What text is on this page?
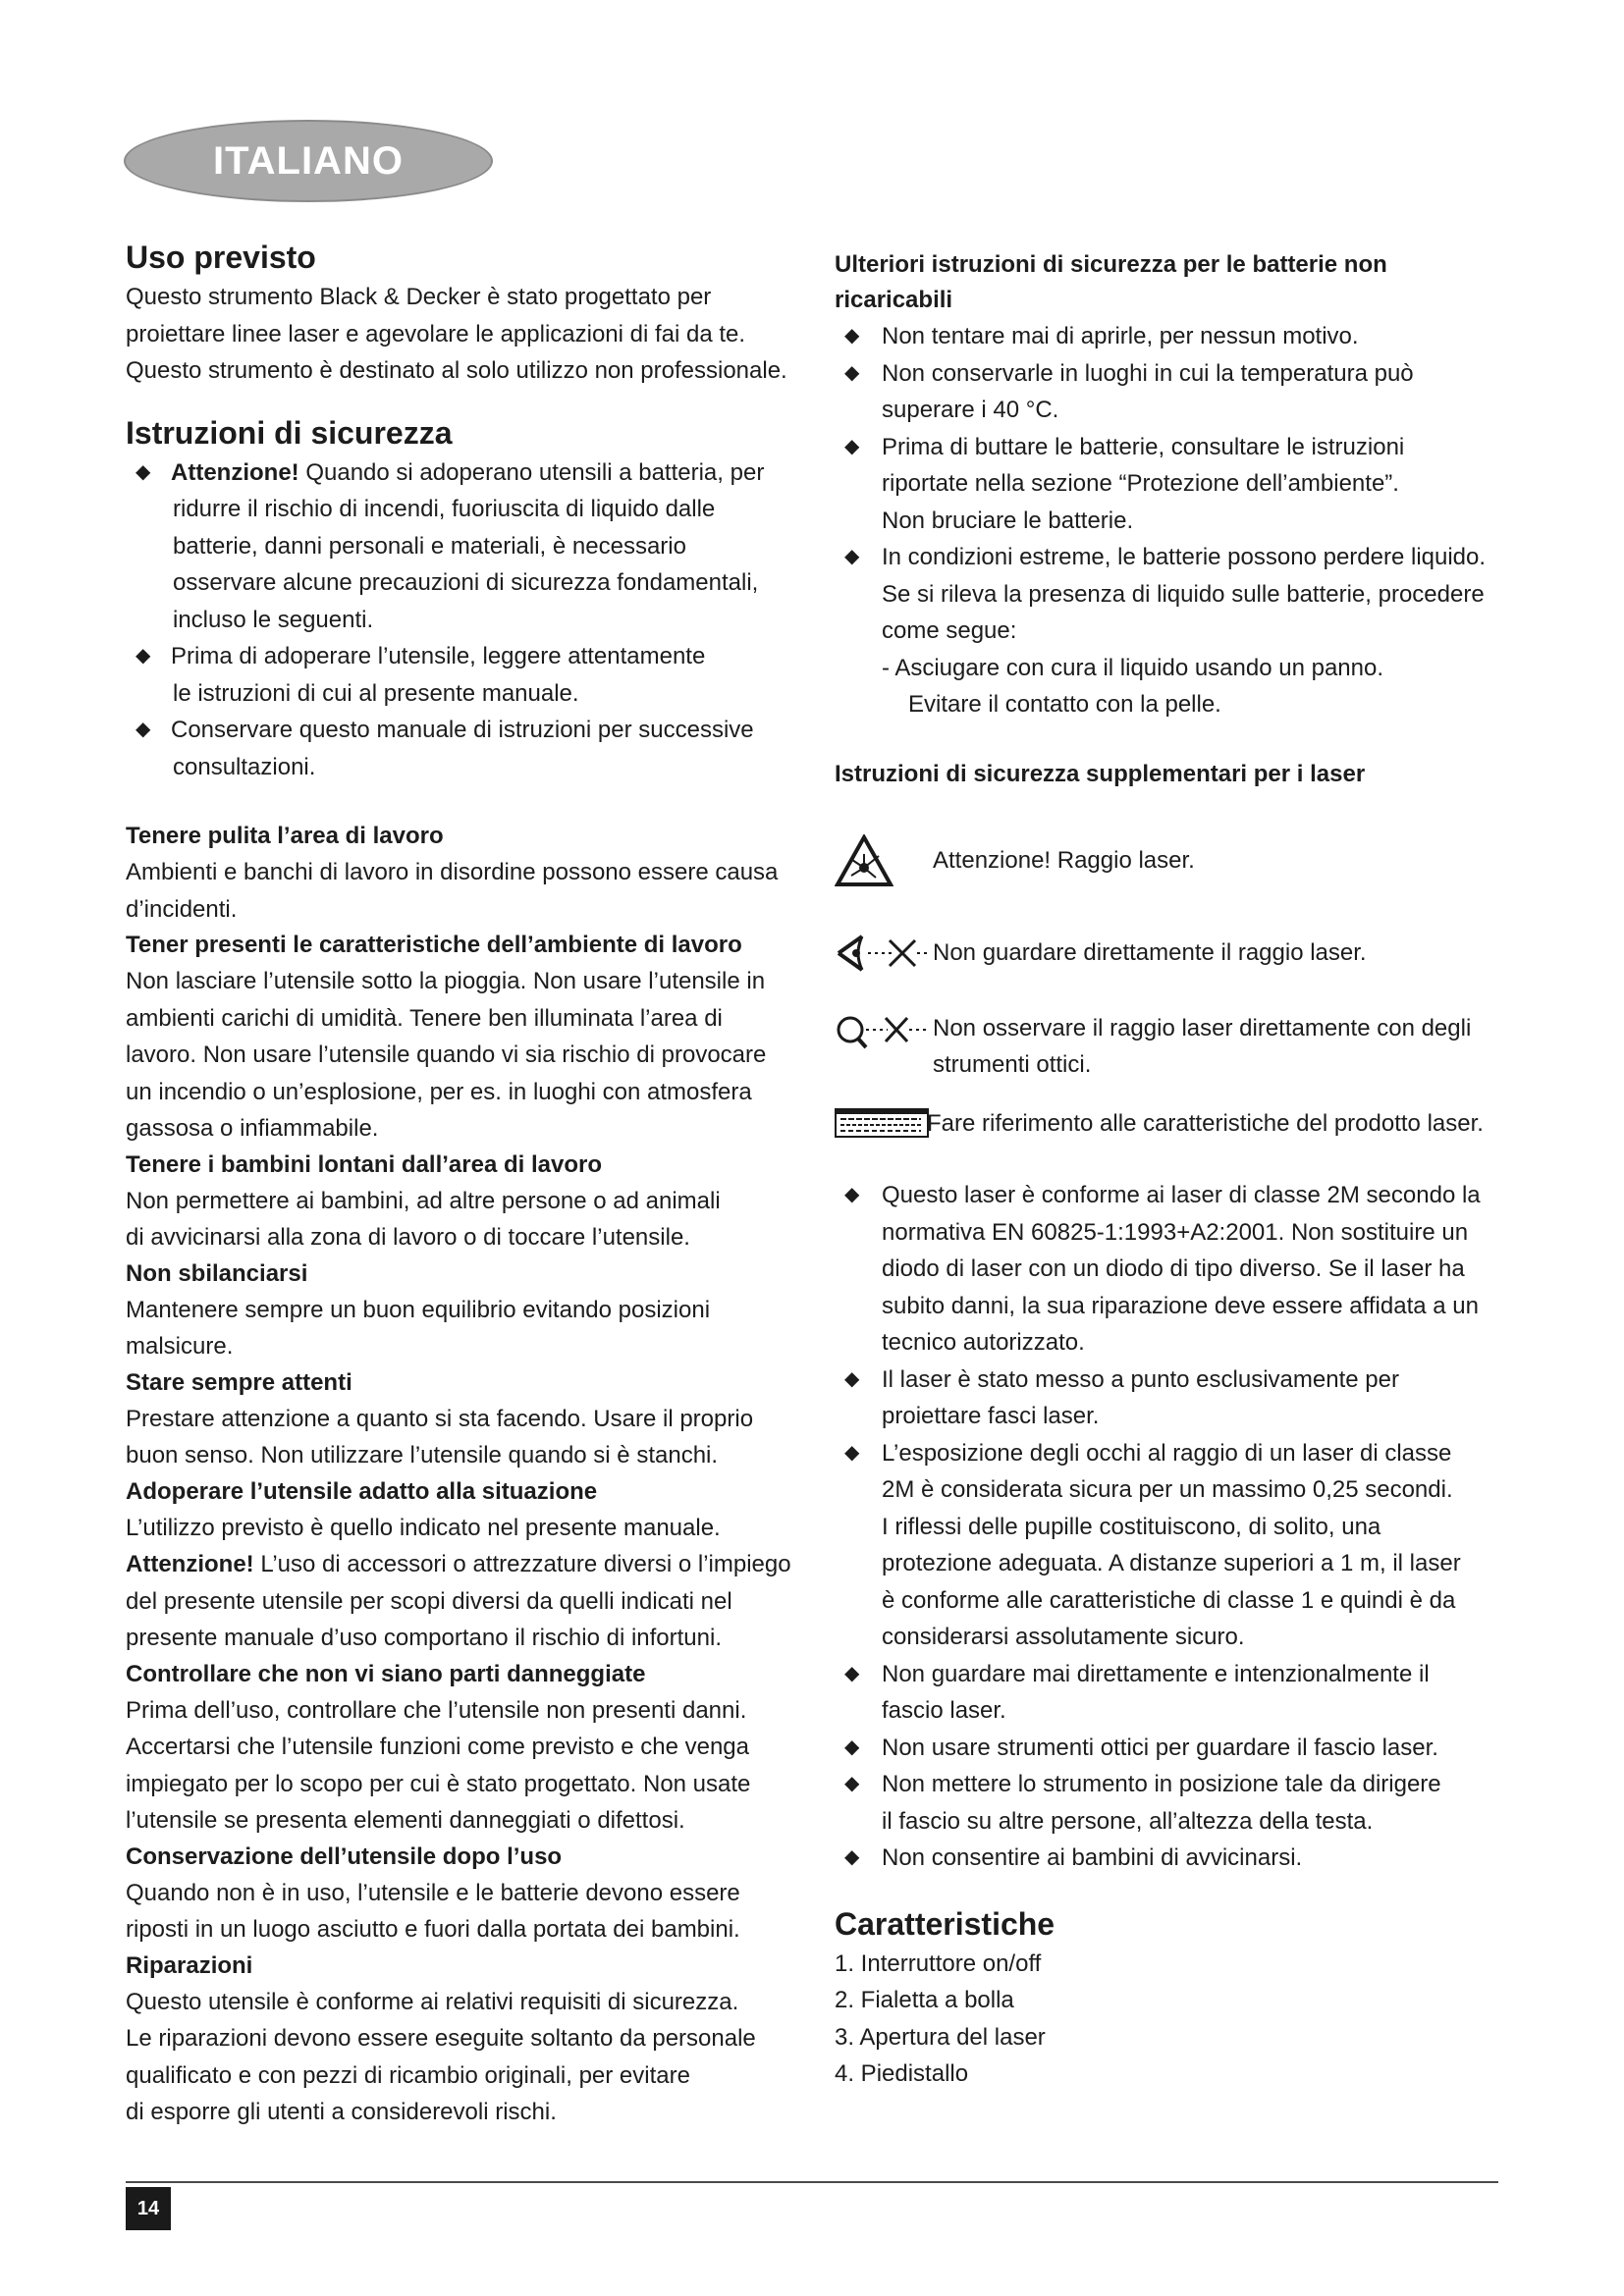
ITALIANO
Uso previsto

Questo strumento Black & Decker è stato progettato per

proiettare linee laser e agevolare le applicazioni di fai da te.

Questo strumento è destinato al solo utilizzo non professionale.

Istruzioni di sicurezza
◆ Attenzione! Quando si adoperano utensili a batteria, per

ridurre il rischio di incendi, fuoriuscita di liquido dalle

batterie, danni personali e materiali, è necessario

osservare alcune precauzioni di sicurezza fondamentali,

incluso le seguenti.

◆ Prima di adoperare l’utensile, leggere attentamente

le istruzioni di cui al presente manuale.

◆ Conservare questo manuale di istruzioni per successive

consultazioni.

Tenere pulita l’area di lavoro

Ambienti e banchi di lavoro in disordine possono essere causa

d’incidenti.

Tener presenti le caratteristiche dell’ambiente di lavoro

Non lasciare l’utensile sotto la pioggia. Non usare l’utensile in

ambienti carichi di umidità. Tenere ben illuminata l’area di

lavoro. Non usare l’utensile quando vi sia rischio di provocare

un incendio o un’esplosione, per es. in luoghi con atmosfera

gassosa o infiammabile.

Tenere i bambini lontani dall’area di lavoro

Non permettere ai bambini, ad altre persone o ad animali

di avvicinarsi alla zona di lavoro o di toccare l’utensile.

Non sbilanciarsi

Mantenere sempre un buon equilibrio evitando posizioni

malsicure.

Stare sempre attenti

Prestare attenzione a quanto si sta facendo. Usare il proprio

buon senso. Non utilizzare l’utensile quando si è stanchi.

Adoperare l’utensile adatto alla situazione

L’utilizzo previsto è quello indicato nel presente manuale.

Attenzione! L’uso di accessori o attrezzature diversi o l’impiego

del presente utensile per scopi diversi da quelli indicati nel

presente manuale d’uso comportano il rischio di infortuni.

Controllare che non vi siano parti danneggiate

Prima dell’uso, controllare che l’utensile non presenti danni.

Accertarsi che l’utensile funzioni come previsto e che venga

impiegato per lo scopo per cui è stato progettato. Non usate

l’utensile se presenta elementi danneggiati o difettosi.

Conservazione dell’utensile dopo l’uso

Quando non è in uso, l’utensile e le batterie devono essere

riposti in un luogo asciutto e fuori dalla portata dei bambini.

Riparazioni

Questo utensile è conforme ai relativi requisiti di sicurezza.

Le riparazioni devono essere eseguite soltanto da personale

qualificato e con pezzi di ricambio originali, per evitare

di esporre gli utenti a considerevoli rischi.

Ulteriori istruzioni di sicurezza per le batterie non
ricaricabili
◆ Non tentare mai di aprirle, per nessun motivo.
◆ Non conservarle in luoghi in cui la temperatura può

superare i 40 °C.

◆ Prima di buttare le batterie, consultare le istruzioni

riportate nella sezione “Protezione dell’ambiente”.

Non bruciare le batterie.

◆ In condizioni estreme, le batterie possono perdere liquido.

Se si rileva la presenza di liquido sulle batterie, procedere

come segue:

- Asciugare con cura il liquido usando un panno.

Evitare il contatto con la pelle.

Istruzioni di sicurezza supplementari per i laser
Attenzione! Raggio laser.
Non guardare direttamente il raggio laser.
Non osservare il raggio laser direttamente con degli
strumenti ottici.
Fare riferimento alle caratteristiche del prodotto laser.
◆ Questo laser è conforme ai laser di classe 2M secondo la

normativa EN 60825-1:1993+A2:2001. Non sostituire un

diodo di laser con un diodo di tipo diverso. Se il laser ha

subito danni, la sua riparazione deve essere affidata a un

tecnico autorizzato.

◆ Il laser è stato messo a punto esclusivamente per

proiettare fasci laser.

◆ L’esposizione degli occhi al raggio di un laser di classe

2M è considerata sicura per un massimo 0,25 secondi.

I riflessi delle pupille costituiscono, di solito, una

protezione adeguata. A distanze superiori a 1 m, il laser

è conforme alle caratteristiche di classe 1 e quindi è da

considerarsi assolutamente sicuro.

◆ Non guardare mai direttamente e intenzionalmente il

fascio laser.

◆ Non usare strumenti ottici per guardare il fascio laser.
◆ Non mettere lo strumento in posizione tale da dirigere

il fascio su altre persone, all’altezza della testa.

◆ Non consentire ai bambini di avvicinarsi.
Caratteristiche

1. Interruttore on/off

2. Fialetta a bolla

3. Apertura del laser

4. Piedistallo

14
